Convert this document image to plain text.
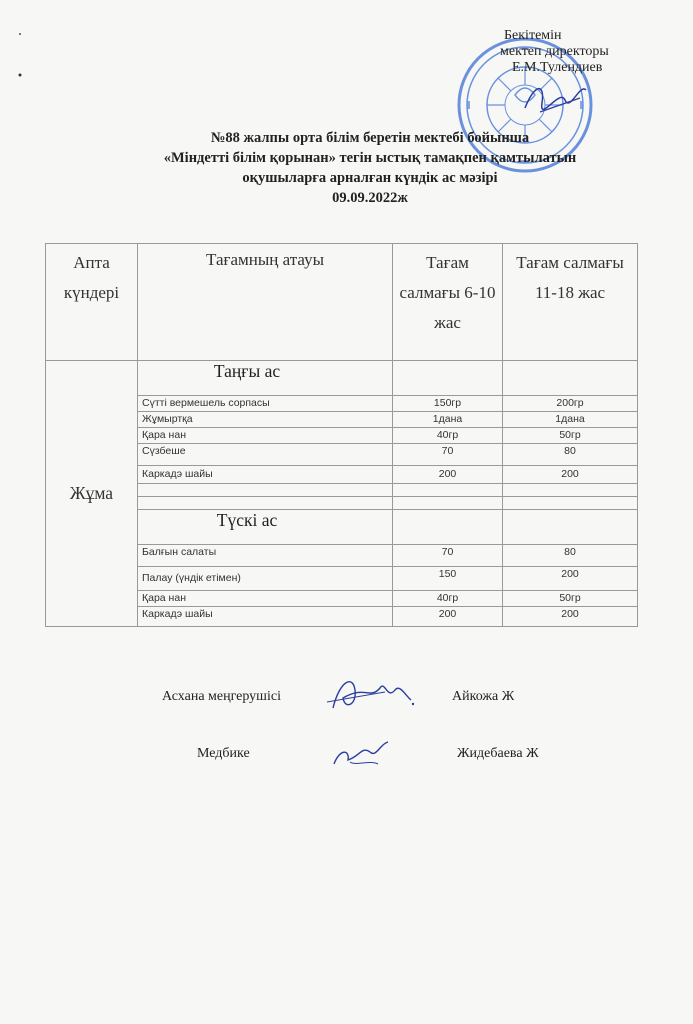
Бекітемін
мектеп директоры
Е.М.Тулендиев
№88 жалпы орта білім беретін мектебі бойынша
«Міндетті білім қорынан» тегін ыстық тамақпен қамтылатын
оқушыларға арналған күндік ас мәзірі
09.09.2022ж
Апта күндері	Тағамның атауы	Тағам салмағы 6-10 жас	Тағам салмағы 11-18 жас
Жұма	Таңғы ас		
	Сүтті вермешель сорпасы	150гр	200гр
	Жұмыртқа	1дана	1дана
	Қара нан	40гр	50гр
	Сүзбеше	70	80
	Каркадэ шайы	200	200

	Түскі ас		
	Балғын салаты	70	80
	Палау (үндік етімен)	150	200
	Қара нан	40гр	50гр
	Каркадэ шайы	200	200
Асхана меңгерушісі	Айкожа Ж
Медбике	Жидебаева Ж
